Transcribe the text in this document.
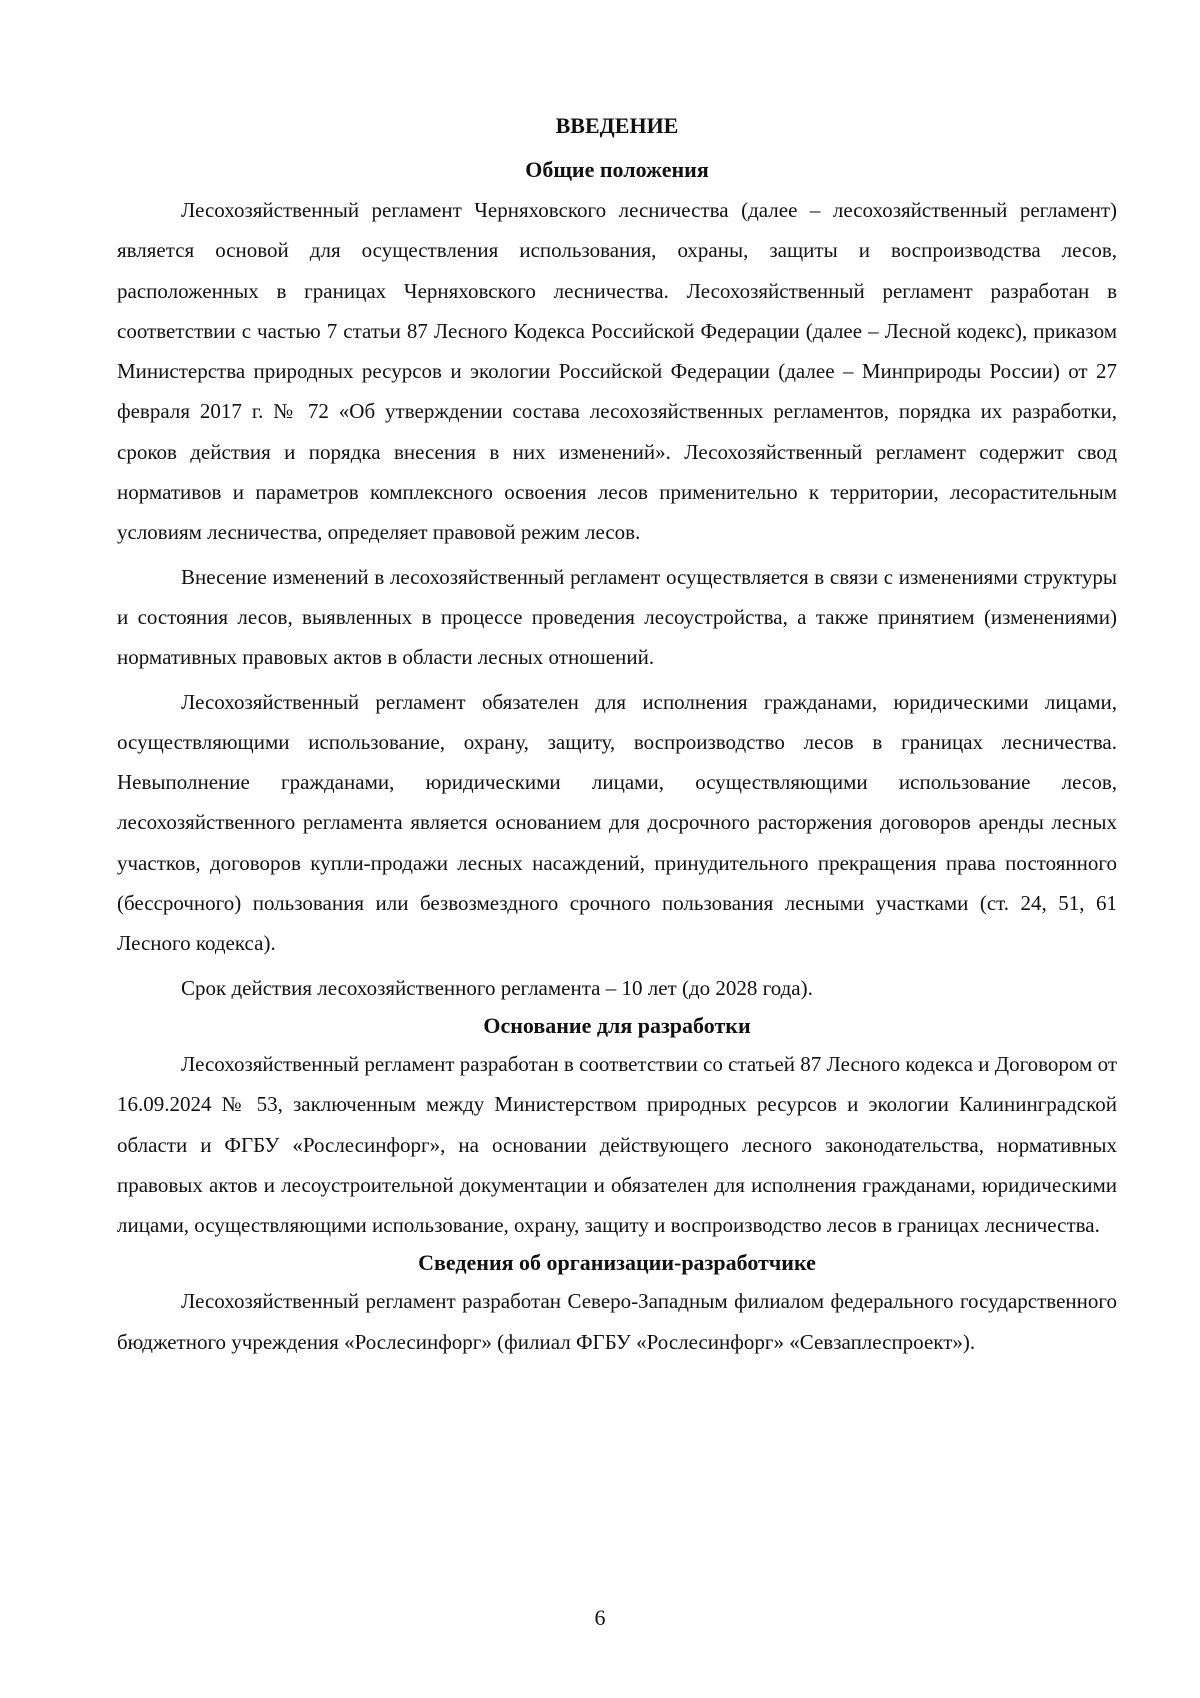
ВВЕДЕНИЕ
Общие положения

Лесохозяйственный регламент Черняховского лесничества (далее – лесохозяйственный регламент) является основой для осуществления использования, охраны, защиты и воспроизводства лесов, расположенных в границах Черняховского лесничества. Лесохозяйственный регламент разработан в соответствии с частью 7 статьи 87 Лесного Кодекса Российской Федерации (далее – Лесной кодекс), приказом Министерства природных ресурсов и экологии Российской Федерации (далее – Минприроды России) от 27 февраля 2017 г. № 72 «Об утверждении состава лесохозяйственных регламентов, порядка их разработки, сроков действия и порядка внесения в них изменений». Лесохозяйственный регламент содержит свод нормативов и параметров комплексного освоения лесов применительно к территории, лесорастительным условиям лесничества, определяет правовой режим лесов.

Внесение изменений в лесохозяйственный регламент осуществляется в связи с изменениями структуры и состояния лесов, выявленных в процессе проведения лесоустройства, а также принятием (изменениями) нормативных правовых актов в области лесных отношений.

Лесохозяйственный регламент обязателен для исполнения гражданами, юридическими лицами, осуществляющими использование, охрану, защиту, воспроизводство лесов в границах лесничества. Невыполнение гражданами, юридическими лицами, осуществляющими использование лесов, лесохозяйственного регламента является основанием для досрочного расторжения договоров аренды лесных участков, договоров купли-продажи лесных насаждений, принудительного прекращения права постоянного (бессрочного) пользования или безвозмездного срочного пользования лесными участками (ст. 24, 51, 61 Лесного кодекса).

Срок действия лесохозяйственного регламента – 10 лет (до 2028 года).

Основание для разработки

Лесохозяйственный регламент разработан в соответствии со статьей 87 Лесного кодекса и Договором от 16.09.2024 № 53, заключенным между Министерством природных ресурсов и экологии Калининградской области и ФГБУ «Рослесинфорг», на основании действующего лесного законодательства, нормативных правовых актов и лесоустроительной документации и обязателен для исполнения гражданами, юридическими лицами, осуществляющими использование, охрану, защиту и воспроизводство лесов в границах лесничества.

Сведения об организации-разработчике

Лесохозяйственный регламент разработан Северо-Западным филиалом федерального государственного бюджетного учреждения «Рослесинфорг» (филиал ФГБУ «Рослесинфорг» «Севзаплеспроект»).

6
